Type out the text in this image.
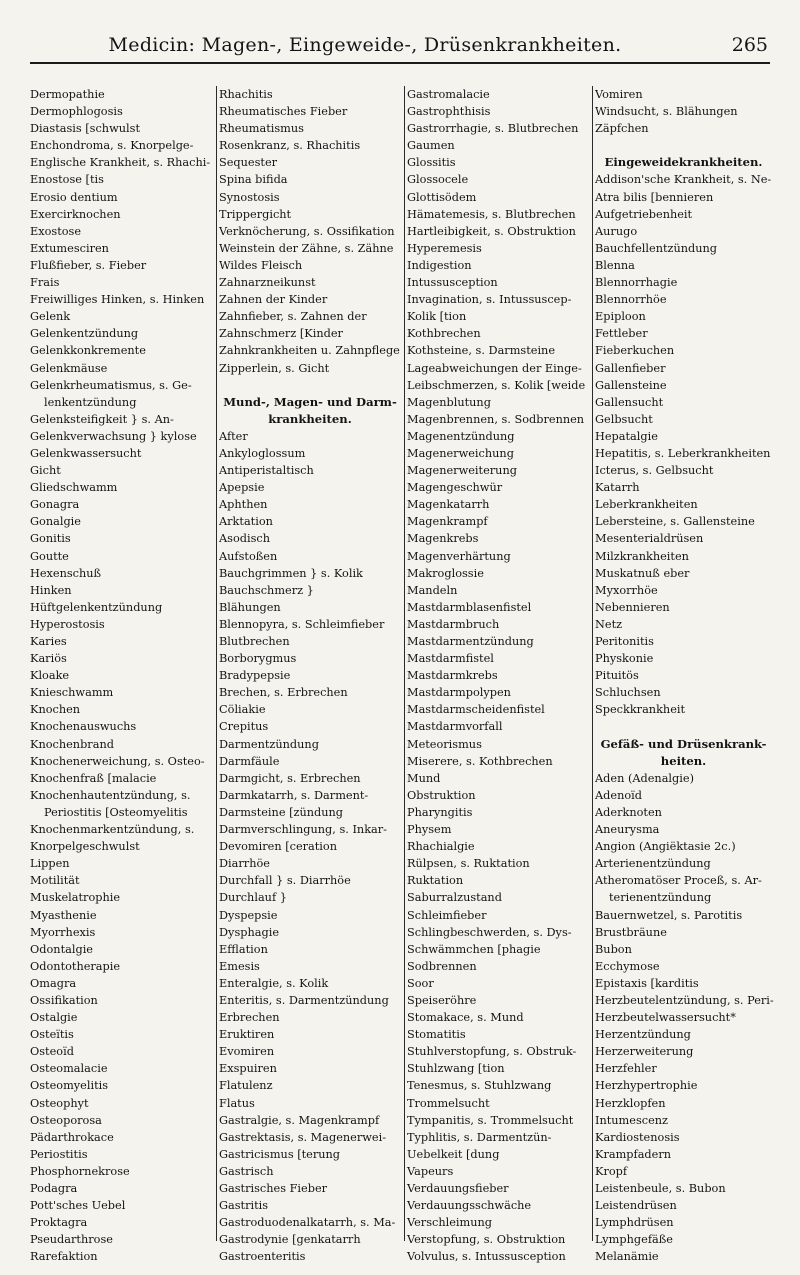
Medicin: Magen-, Eingeweide-, Drüsenkrankheiten.	265
Dermopathie
Dermophlogosis
Diastasis [schwulst
Enchondroma, s. Knorpelge-
Englische Krankheit, s. Rhachi-
Enostose [tis
Erosio dentium
Exercirknochen
Exostose
Extumesciren
Flußfieber, s. Fieber
Frais
Freiwilliges Hinken, s. Hinken
Gelenk
Gelenkentzündung
Gelenkkonkremente
Gelenkmäuse
Gelenkrheumatismus, s. Ge-
lenkentzündung
Gelenksteifigkeit } s. An-
Gelenkverwachsung } kylose
Gelenkwassersucht
Gicht
Gliedschwamm
Gonagra
Gonalgie
Gonitis
Goutte
Hexenschuß
Hinken
Hüftgelenkentzündung
Hyperostosis
Karies
Kariös
Kloake
Knieschwamm
Knochen
Knochenauswuchs
Knochenbrand
Knochenerweichung, s. Osteo-
Knochenfraß [malacie
Knochenhautentzündung, s.
Periostitis [Osteomyelitis
Knochenmarkentzündung, s.
Knorpelgeschwulst
Lippen
Motilität
Muskelatrophie
Myasthenie
Myorrhexis
Odontalgie
Odontotherapie
Omagra
Ossifikation
Ostalgie
Osteïtis
Osteoïd
Osteomalacie
Osteomyelitis
Osteophyt
Osteoporosa
Pädarthrokace
Periostitis
Phosphornekrose
Podagra
Pott'sches Uebel
Proktagra
Pseudarthrose
Rarefaktion
Rhachitis
Rheumatisches Fieber
Rheumatismus
Rosenkranz, s. Rhachitis
Sequester
Spina bifida
Synostosis
Trippergicht
Verknöcherung, s. Ossifikation
Weinstein der Zähne, s. Zähne
Wildes Fleisch
Zahnarzneikunst
Zahnen der Kinder
Zahnfieber, s. Zahnen der
Zahnschmerz [Kinder
Zahnkrankheiten u. Zahnpflege
Zipperlein, s. Gicht
Mund-, Magen- und Darm-
krankheiten.
After
Ankyloglossum
Antiperistaltisch
Apepsie
Aphthen
Arktation
Asodisch
Aufstoßen
Bauchgrimmen } s. Kolik
Bauchschmerz }
Blähungen
Blennopyra, s. Schleimfieber
Blutbrechen
Borborygmus
Bradypepsie
Brechen, s. Erbrechen
Cöliakie
Crepitus
Darmentzündung
Darmfäule
Darmgicht, s. Erbrechen
Darmkatarrh, s. Darment-
Darmsteine [zündung
Darmverschlingung, s. Inkar-
Devomiren [ceration
Diarrhöe
Durchfall } s. Diarrhöe
Durchlauf }
Dyspepsie
Dysphagie
Efflation
Emesis
Enteralgie, s. Kolik
Enteritis, s. Darmentzündung
Erbrechen
Eruktiren
Evomiren
Exspuiren
Flatulenz
Flatus
Gastralgie, s. Magenkrampf
Gastrektasis, s. Magenerwei-
Gastricismus [terung
Gastrisch
Gastrisches Fieber
Gastritis
Gastroduodenalkatarrh, s. Ma-
Gastrodynie [genkatarrh
Gastroenteritis
Gastromalacie
Gastrophthisis
Gastrorrhagie, s. Blutbrechen
Gaumen
Glossitis
Glossocele
Glottisödem
Hämatemesis, s. Blutbrechen
Hartleibigkeit, s. Obstruktion
Hyperemesis
Indigestion
Intussusception
Invagination, s. Intussuscep-
Kolik [tion
Kothbrechen
Kothsteine, s. Darmsteine
Lageabweichungen der Einge-
Leibschmerzen, s. Kolik [weide
Magenblutung
Magenbrennen, s. Sodbrennen
Magenentzündung
Magenerweichung
Magenerweiterung
Magengeschwür
Magenkatarrh
Magenkrampf
Magenkrebs
Magenverhärtung
Makroglossie
Mandeln
Mastdarmblasenfistel
Mastdarmbruch
Mastdarmentzündung
Mastdarmfistel
Mastdarmkrebs
Mastdarmpolypen
Mastdarmscheidenfistel
Mastdarmvorfall
Meteorismus
Miserere, s. Kothbrechen
Mund
Obstruktion
Pharyngitis
Physem
Rhachialgie
Rülpsen, s. Ruktation
Ruktation
Saburralzustand
Schleimfieber
Schlingbeschwerden, s. Dys-
Schwämmchen [phagie
Sodbrennen
Soor
Speiseröhre
Stomakace, s. Mund
Stomatitis
Stuhlverstopfung, s. Obstruk-
Stuhlzwang [tion
Tenesmus, s. Stuhlzwang
Trommelsucht
Tympanitis, s. Trommelsucht
Typhlitis, s. Darmentzün-
Uebelkeit [dung
Vapeurs
Verdauungsfieber
Verdauungsschwäche
Verschleimung
Verstopfung, s. Obstruktion
Volvulus, s. Intussusception
Vomiren
Windsucht, s. Blähungen
Zäpfchen
Eingeweidekrankheiten.
Addison'sche Krankheit, s. Ne-
Atra bilis [bennieren
Aufgetriebenheit
Aurugo
Bauchfellentzündung
Blenna
Blennorrhagie
Blennorrhöe
Epiploon
Fettleber
Fieberkuchen
Gallenfieber
Gallensteine
Gallensucht
Gelbsucht
Hepatalgie
Hepatitis, s. Leberkrankheiten
Icterus, s. Gelbsucht
Katarrh
Leberkrankheiten
Lebersteine, s. Gallensteine
Mesenterialdrüsen
Milzkrankheiten
Muskatnuß eber
Myxorrhöe
Nebennieren
Netz
Peritonitis
Physkonie
Pituitös
Schluchsen
Speckkrankheit
Gefäß- und Drüsenkrank-
heiten.
Aden (Adenalgie)
Adenoïd
Aderknoten
Aneurysma
Angion (Angiëktasie 2c.)
Arterienentzündung
Atheromatöser Proceß, s. Ar-
terienentzündung
Bauernwetzel, s. Parotitis
Brustbräune
Bubon
Ecchymose
Epistaxis [karditis
Herzbeutelentzündung, s. Peri-
Herzbeutelwassersucht*
Herzentzündung
Herzerweiterung
Herzfehler
Herzhypertrophie
Herzklopfen
Intumescenz
Kardiostenosis
Krampfadern
Kropf
Leistenbeule, s. Bubon
Leistendrüsen
Lymphdrüsen
Lymphgefäße
Melanämie
